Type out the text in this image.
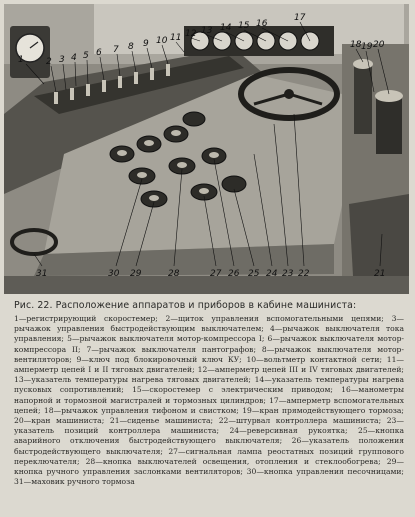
1 2 3 4 5 6 7 8 9 10 11 12 13 14 15 16
17
18 19 20
21
22
23
24
25
26
27
28
29
30
31

Рис. 22. Расположение аппаратов и приборов в кабине машиниста:

1—регистрирующий скоростемер; 2—щиток управления вспомогательными цепями; 3—рычажок управления быстродействующим выключателем; 4—рычажок выключателя тока управления; 5—рычажок выключателя мотор-компрессора I; 6—рычажок выключателя мотор-компрессора II; 7—рычажок выключателя пантографов; 8—рычажок выключателя мотор-вентиляторов; 9—ключ под блокировочный ключ КУ; 10—вольтметр контактной сети; 11—амперметр цепей I и II тяговых двигателей; 12—амперметр цепей III и IV тяговых двигателей; 13—указатель температуры нагрева тяговых двигателей; 14—указатель температуры нагрева пусковых сопротивлений; 15—скоростемер с электрическим приводом; 16—манометры напорной и тормозной магистралей и тормозных цилиндров; 17—амперметр вспомогательных цепей; 18—рычажок управления тифоном и свистком; 19—кран прямодействующего тормоза; 20—кран машиниста; 21—сиденье машиниста; 22—штурвал контроллера машиниста; 23—указатель позиций контроллера машиниста; 24—реверсивная рукоятка; 25—кнопка аварийного отключения быстродействующего выключателя; 26—указатель положения быстродействующего выключателя; 27—сигнальная лампа реостатных позиций группового переключателя; 28—кнопка выключателей освещения, отопления и стеклообогрева; 29—кнопка ручного управления заслонками вентиляторов; 30—кнопка управления песочницами; 31—маховик ручного тормоза
